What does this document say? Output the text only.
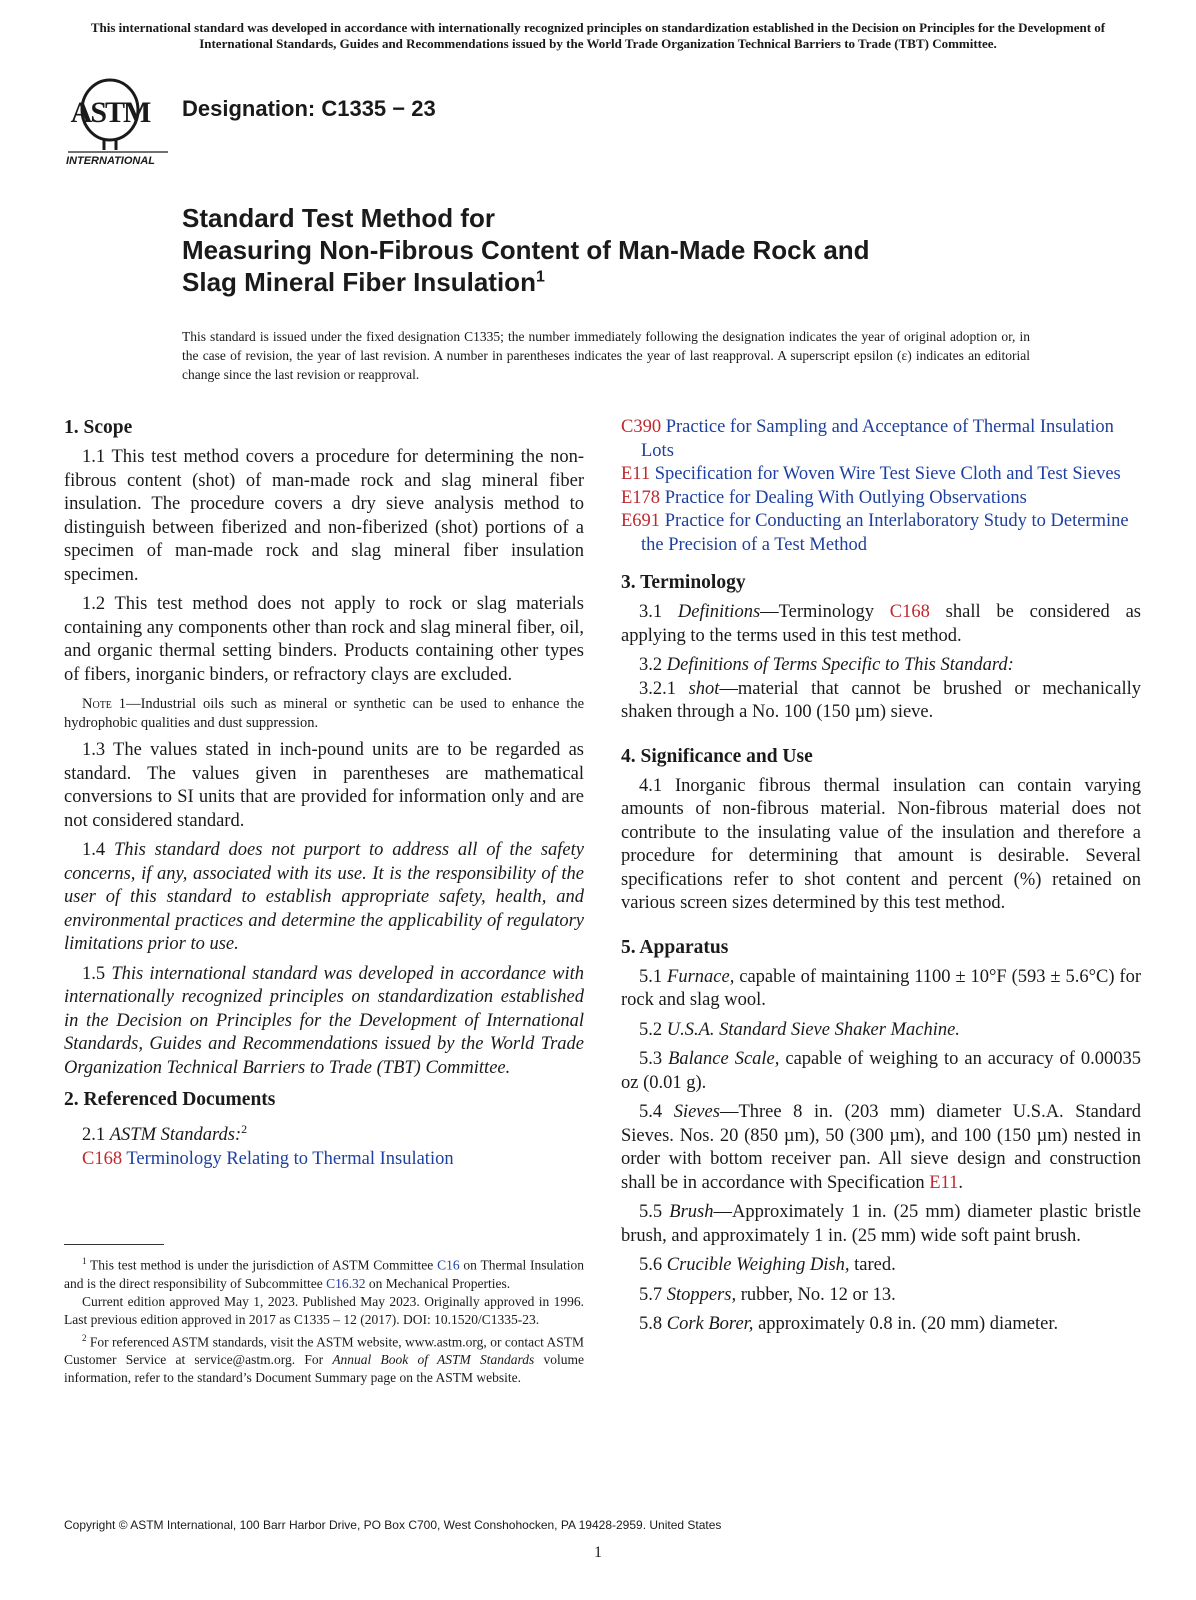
This international standard was developed in accordance with internationally recognized principles on standardization established in the Decision on Principles for the Development of International Standards, Guides and Recommendations issued by the World Trade Organization Technical Barriers to Trade (TBT) Committee.
ASTM
INTERNATIONAL
Designation: C1335 − 23
Standard Test Method for
Measuring Non-Fibrous Content of Man-Made Rock and
Slag Mineral Fiber Insulation$^1$
This standard is issued under the fixed designation C1335; the number immediately following the designation indicates the year of original adoption or, in the case of revision, the year of last revision. A number in parentheses indicates the year of last reapproval. A superscript epsilon (ε) indicates an editorial change since the last revision or reapproval.
1. Scope

1.1 This test method covers a procedure for determining the non-fibrous content (shot) of man-made rock and slag mineral fiber insulation. The procedure covers a dry sieve analysis method to distinguish between fiberized and non-fiberized (shot) portions of a specimen of man-made rock and slag mineral fiber insulation specimen.

1.2 This test method does not apply to rock or slag materials containing any components other than rock and slag mineral fiber, oil, and organic thermal setting binders. Products containing other types of fibers, inorganic binders, or refractory clays are excluded.

Note 1—Industrial oils such as mineral or synthetic can be used to enhance the hydrophobic qualities and dust suppression.

1.3 The values stated in inch-pound units are to be regarded as standard. The values given in parentheses are mathematical conversions to SI units that are provided for information only and are not considered standard.

1.4 This standard does not purport to address all of the safety concerns, if any, associated with its use. It is the responsibility of the user of this standard to establish appropriate safety, health, and environmental practices and determine the applicability of regulatory limitations prior to use.

1.5 This international standard was developed in accordance with internationally recognized principles on standardization established in the Decision on Principles for the Development of International Standards, Guides and Recommendations issued by the World Trade Organization Technical Barriers to Trade (TBT) Committee.

2. Referenced Documents

2.1 ASTM Standards:$^2$

C168 Terminology Relating to Thermal Insulation

$^1$ This test method is under the jurisdiction of ASTM Committee C16 on Thermal Insulation and is the direct responsibility of Subcommittee C16.32 on Mechanical Properties.

Current edition approved May 1, 2023. Published May 2023. Originally approved in 1996. Last previous edition approved in 2017 as C1335 – 12 (2017). DOI: 10.1520/C1335-23.

$^2$ For referenced ASTM standards, visit the ASTM website, www.astm.org, or contact ASTM Customer Service at service@astm.org. For Annual Book of ASTM Standards volume information, refer to the standard’s Document Summary page on the ASTM website.

C390 Practice for Sampling and Acceptance of Thermal Insulation Lots

E11 Specification for Woven Wire Test Sieve Cloth and Test Sieves

E178 Practice for Dealing With Outlying Observations

E691 Practice for Conducting an Interlaboratory Study to Determine the Precision of a Test Method

3. Terminology

3.1 Definitions—Terminology C168 shall be considered as applying to the terms used in this test method.

3.2 Definitions of Terms Specific to This Standard:

3.2.1 shot—material that cannot be brushed or mechanically shaken through a No. 100 (150 µm) sieve.

4. Significance and Use

4.1 Inorganic fibrous thermal insulation can contain varying amounts of non-fibrous material. Non-fibrous material does not contribute to the insulating value of the insulation and therefore a procedure for determining that amount is desirable. Several specifications refer to shot content and percent (%) retained on various screen sizes determined by this test method.

5. Apparatus

5.1 Furnace, capable of maintaining 1100 ± 10°F (593 ± 5.6°C) for rock and slag wool.

5.2 U.S.A. Standard Sieve Shaker Machine.

5.3 Balance Scale, capable of weighing to an accuracy of 0.00035 oz (0.01 g).

5.4 Sieves—Three 8 in. (203 mm) diameter U.S.A. Standard Sieves. Nos. 20 (850 µm), 50 (300 µm), and 100 (150 µm) nested in order with bottom receiver pan. All sieve design and construction shall be in accordance with Specification E11.

5.5 Brush—Approximately 1 in. (25 mm) diameter plastic bristle brush, and approximately 1 in. (25 mm) wide soft paint brush.

5.6 Crucible Weighing Dish, tared.

5.7 Stoppers, rubber, No. 12 or 13.

5.8 Cork Borer, approximately 0.8 in. (20 mm) diameter.

Copyright © ASTM International, 100 Barr Harbor Drive, PO Box C700, West Conshohocken, PA 19428-2959. United States
1
